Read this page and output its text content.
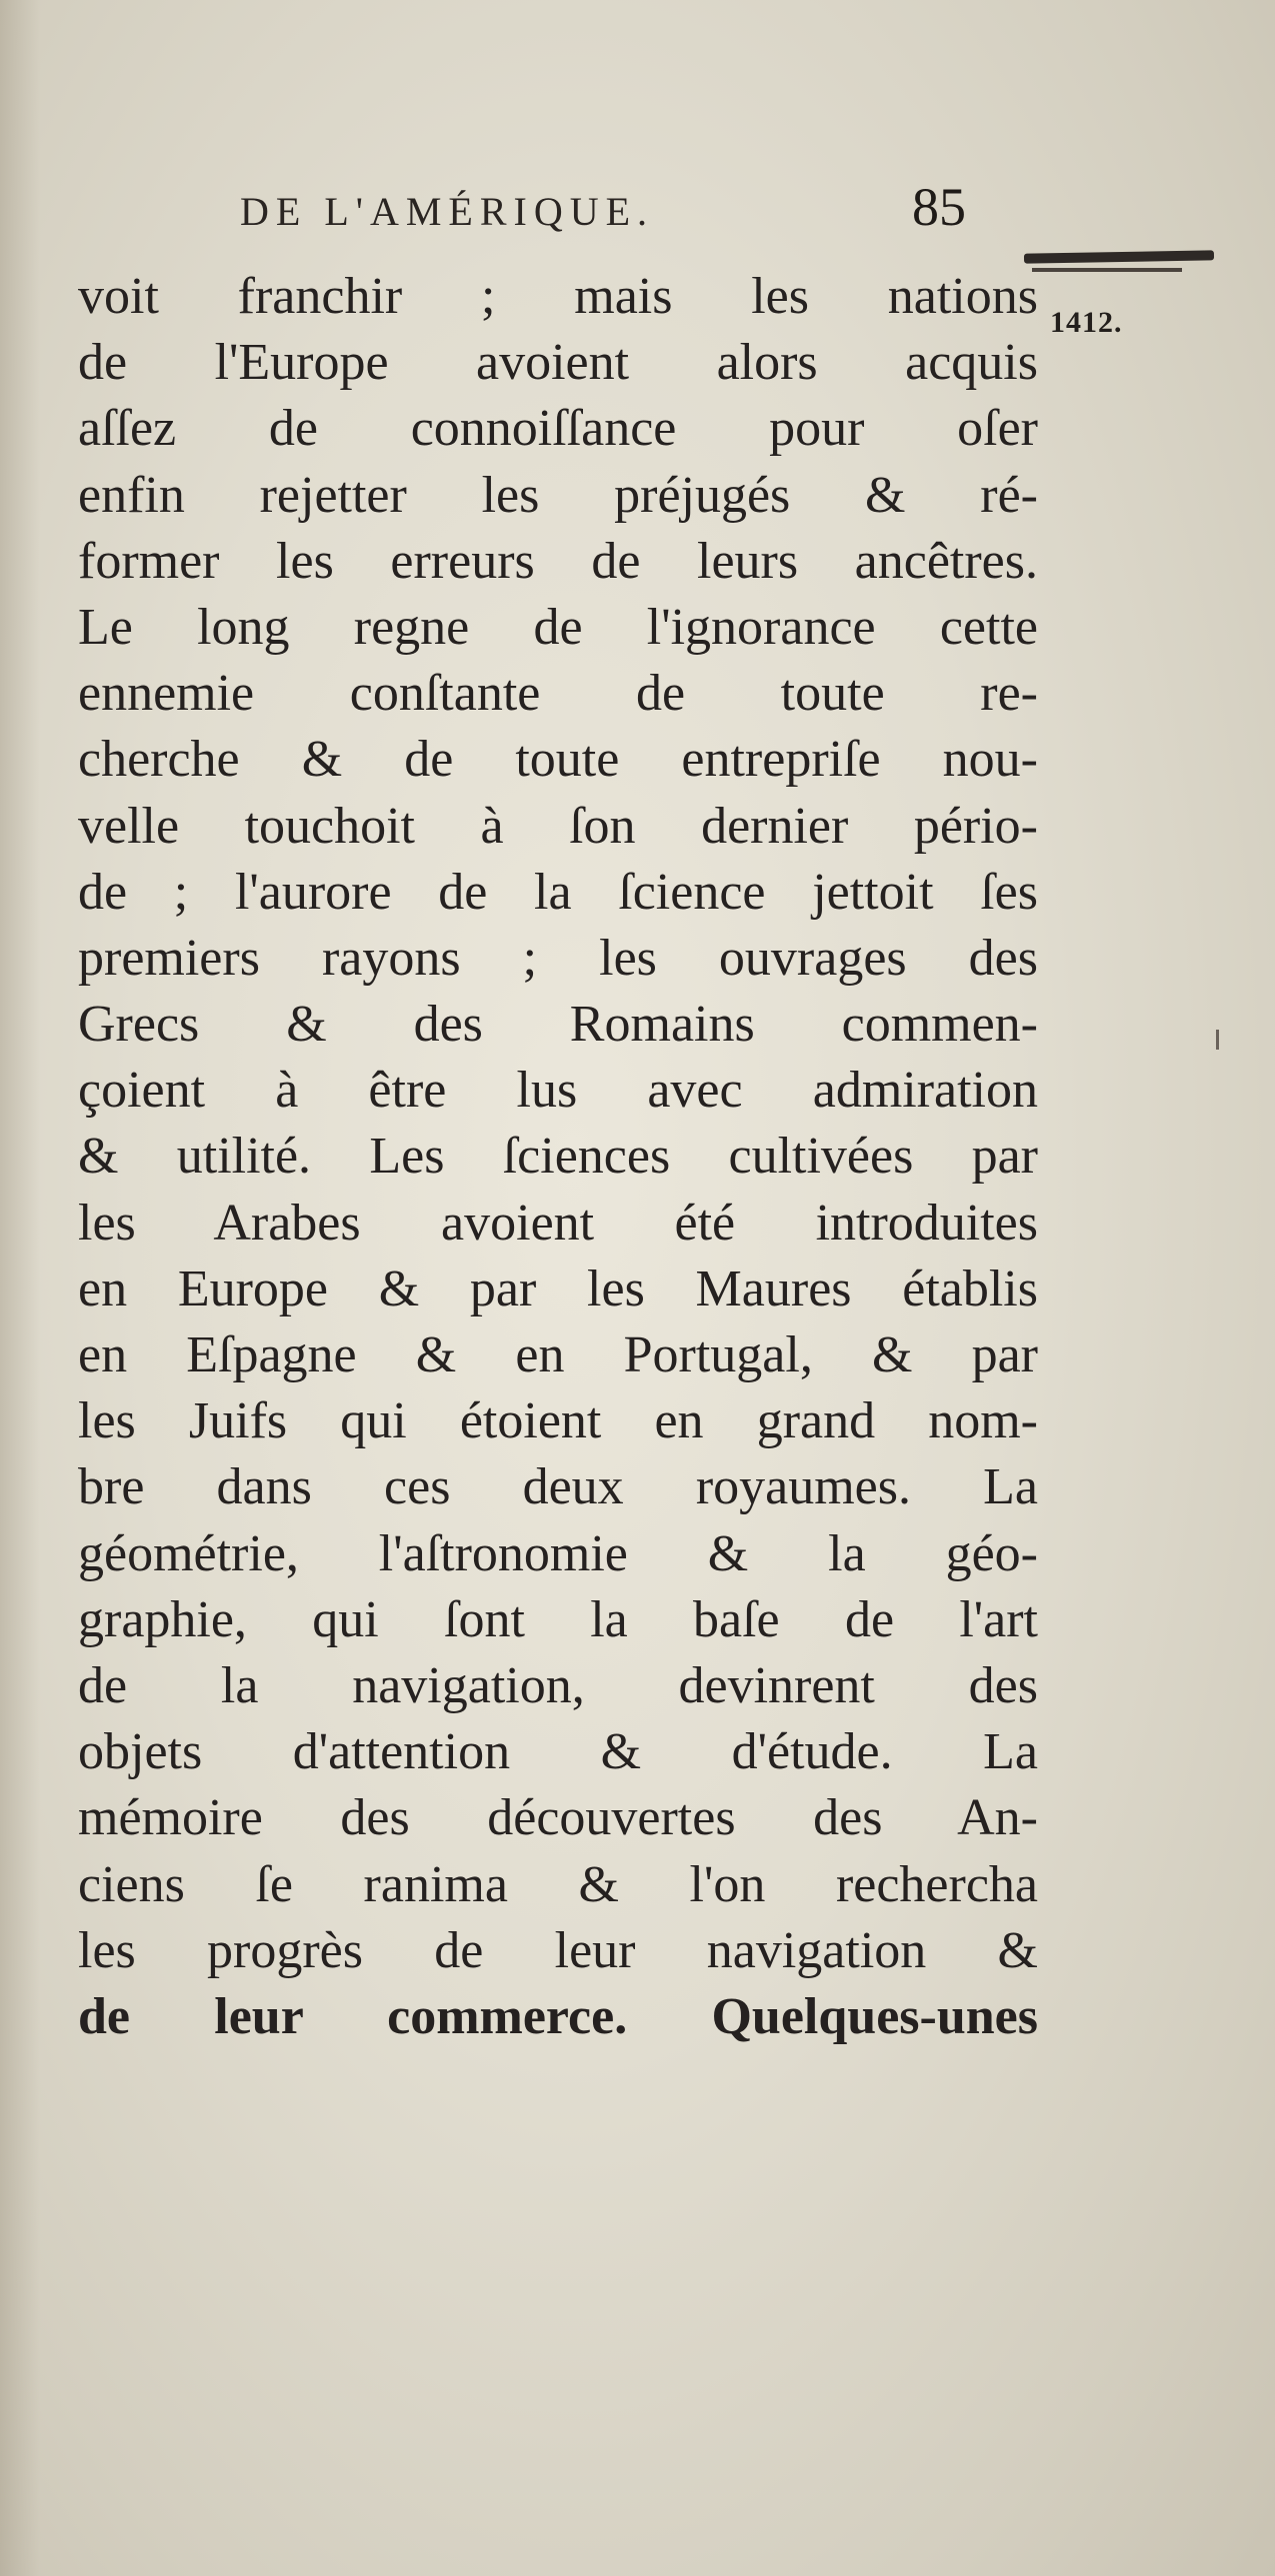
DE L'AMÉRIQUE.	85
1412.
voit franchir ; mais les nations
de l'Europe avoient alors acquis
aſſez de connoiſſance pour oſer
enfin rejetter les préjugés & ré-
former les erreurs de leurs ancêtres.
Le long regne de l'ignorance cette
ennemie conſtante de toute re-
cherche & de toute entrepriſe nou-
velle touchoit à ſon dernier pério-
de ; l'aurore de la ſcience jettoit ſes
premiers rayons ; les ouvrages des
Grecs & des Romains commen-
çoient à être lus avec admiration
& utilité. Les ſciences cultivées par
les Arabes avoient été introduites
en Europe & par les Maures établis
en Eſpagne & en Portugal, & par
les Juifs qui étoient en grand nom-
bre dans ces deux royaumes. La
géométrie, l'aſtronomie & la géo-
graphie, qui ſont la baſe de l'art
de la navigation, devinrent des
objets d'attention & d'étude. La
mémoire des découvertes des An-
ciens ſe ranima & l'on rechercha
les progrès de leur navigation &
de leur commerce. Quelques-unes
